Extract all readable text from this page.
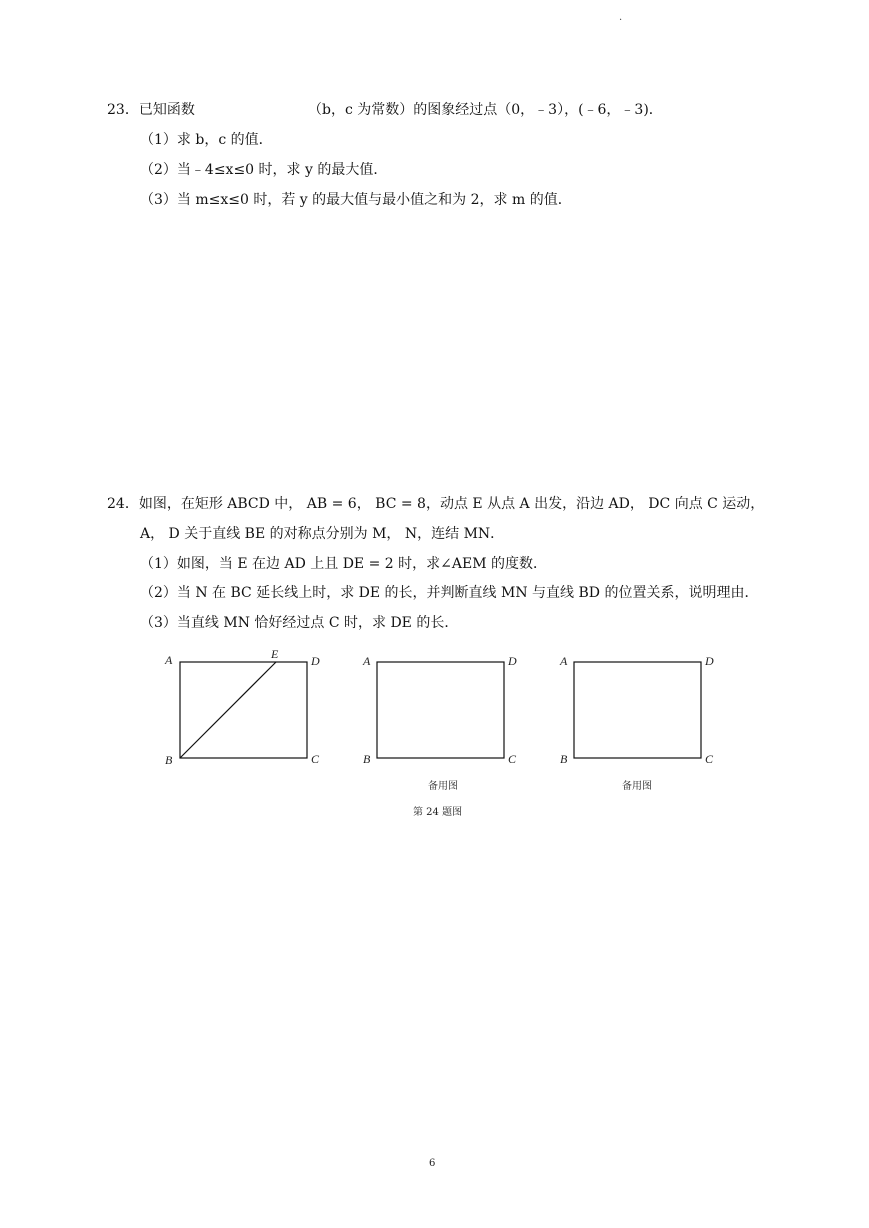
.
23．已知函数	（b，c 为常数）的图象经过点（0，﹣3），(﹣6，﹣3)．
（1）求 b，c 的值．
（2）当﹣4≤x≤0 时，求 y 的最大值．
（3）当 m≤x≤0 时，若 y 的最大值与最小值之和为 2，求 m 的值．
24．如图，在矩形 ABCD 中， AB = 6， BC = 8，动点 E 从点 A 出发，沿边 AD， DC 向点 C 运动，
A， D 关于直线 BE 的对称点分别为 M， N，连结 MN．
（1）如图，当 E 在边 AD 上且 DE = 2 时，求∠AEM 的度数．
（2）当 N 在 BC 延长线上时，求 DE 的长，并判断直线 MN 与直线 BD 的位置关系，说明理由．
（3）当直线 MN 恰好经过点 C 时，求 DE 的长．
A	E	D
B	C
A	D
B	C
备用图
A	D
B	C
备用图
第 24 题图
6
